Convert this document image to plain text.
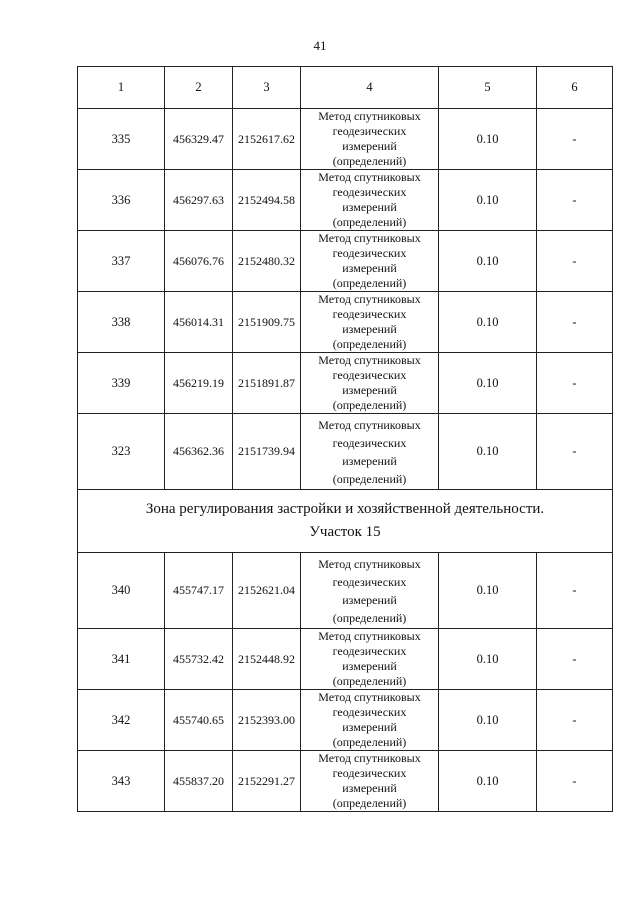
41
1	2	3	4	5	6
335	456329.47	2152617.62	Метод спутниковых
геодезических
измерений
(определений)	0.10	-
336	456297.63	2152494.58	Метод спутниковых
геодезических
измерений
(определений)	0.10	-
337	456076.76	2152480.32	Метод спутниковых
геодезических
измерений
(определений)	0.10	-
338	456014.31	2151909.75	Метод спутниковых
геодезических
измерений
(определений)	0.10	-
339	456219.19	2151891.87	Метод спутниковых
геодезических
измерений
(определений)	0.10	-
323	456362.36	2151739.94	Метод спутниковых
геодезических
измерений
(определений)	0.10	-

Зона регулирования застройки и хозяйственной деятельности.
Участок 15					

340	455747.17	2152621.04	Метод спутниковых
геодезических
измерений
(определений)	0.10	-
341	455732.42	2152448.92	Метод спутниковых
геодезических
измерений
(определений)	0.10	-
342	455740.65	2152393.00	Метод спутниковых
геодезических
измерений
(определений)	0.10	-
343	455837.20	2152291.27	Метод спутниковых
геодезических
измерений
(определений)	0.10	-
